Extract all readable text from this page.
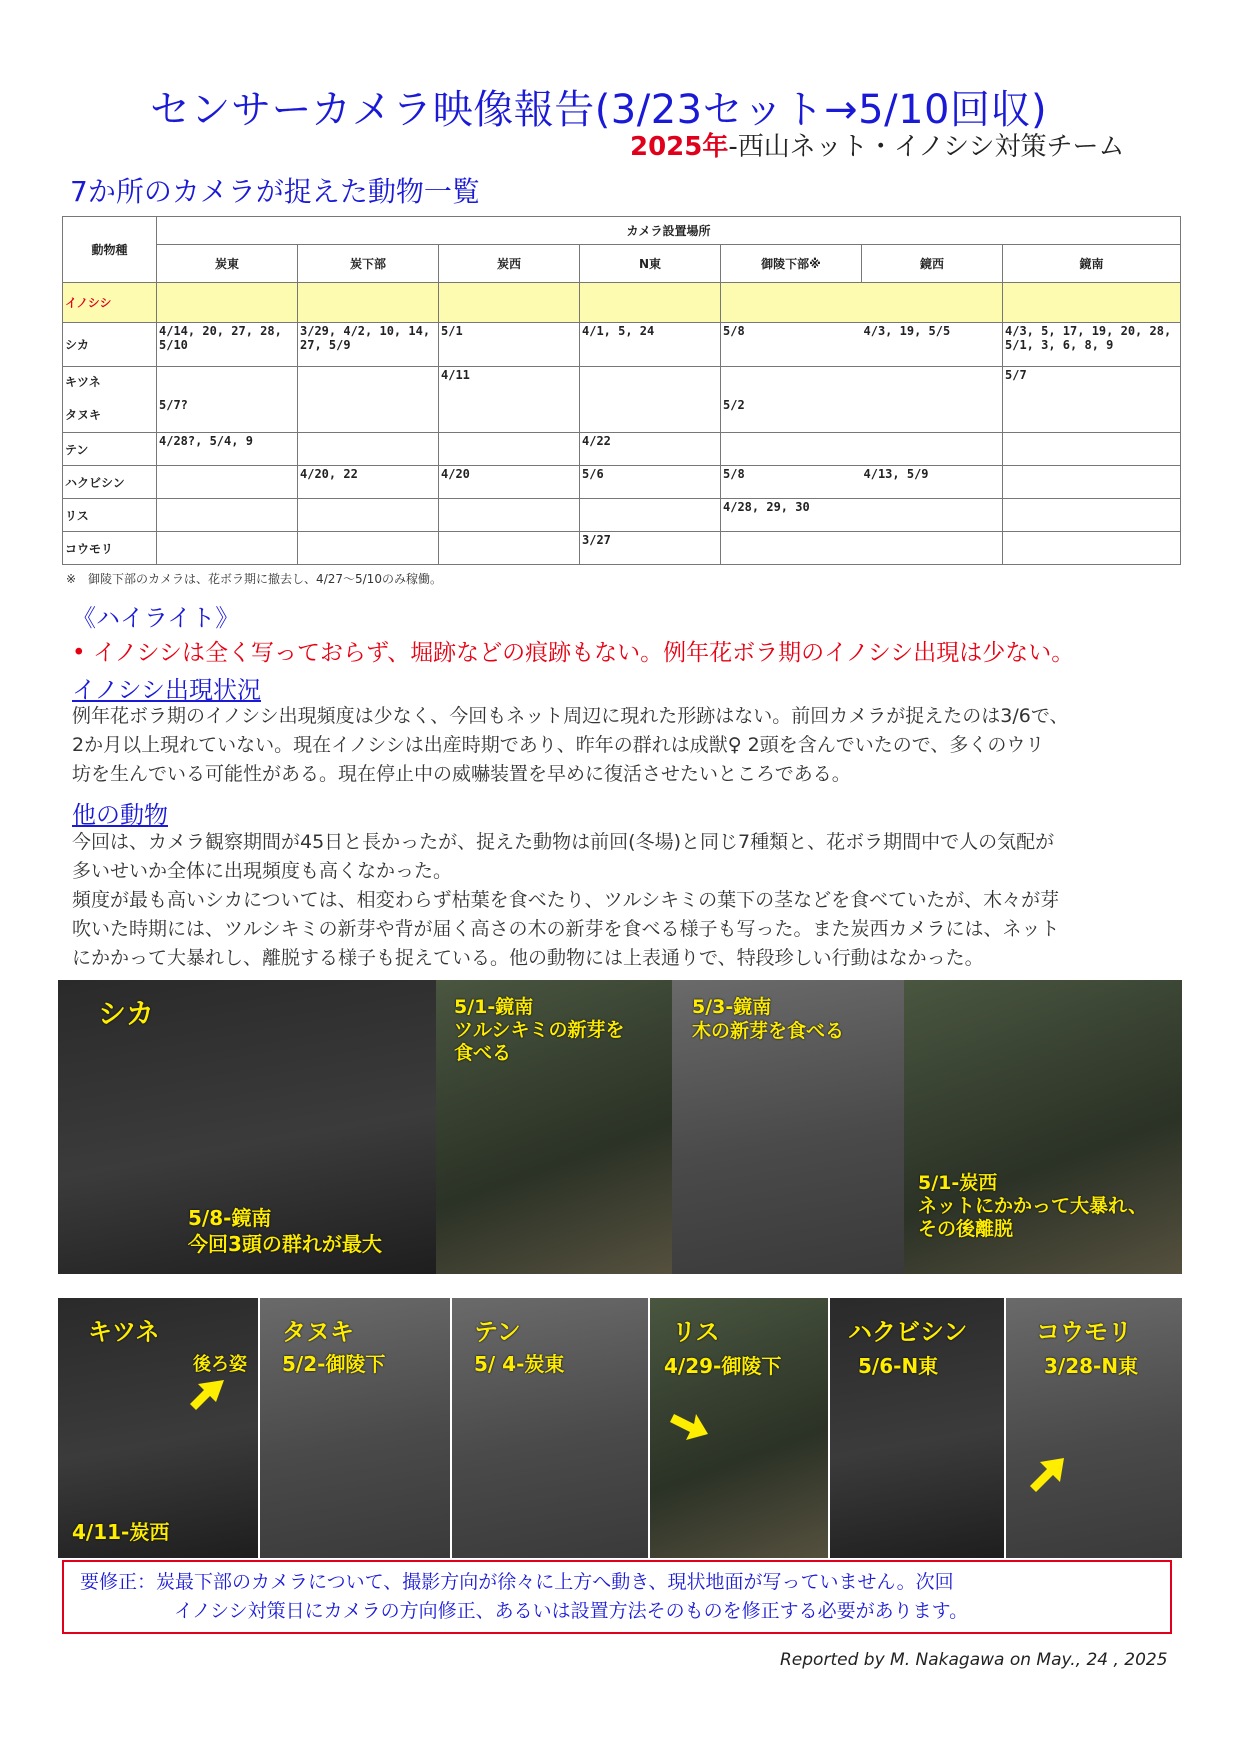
センサーカメラ映像報告(3/23セット→5/10回収)
2025年-西山ネット・イノシシ対策チーム
7か所のカメラが捉えた動物一覧
動物種	カメラ設置場所						
	炭東	炭下部	炭西	N東	御陵下部※	鏡西	鏡南
イノシシ							
シカ	4/14, 20, 27, 28, 5/10	3/29, 4/2, 10, 14, 27, 5/9	5/1	4/1, 5, 24	5/8	4/3, 19, 5/5	4/3, 5, 17, 19, 20, 28, 5/1, 3, 6, 8, 9
キツネ			4/11				5/7
タヌキ	5/7?				5/2		
テン	4/28?, 5/4, 9			4/22			
ハクビシン		4/20, 22	4/20	5/6	5/8	4/13, 5/9	
リス					4/28, 29, 30		
コウモリ				3/27			
※　御陵下部のカメラは、花ボラ期に撤去し、4/27～5/10のみ稼働。
《ハイライト》
• イノシシは全く写っておらず、堀跡などの痕跡もない。例年花ボラ期のイノシシ出現は少ない。
イノシシ出現状況
例年花ボラ期のイノシシ出現頻度は少なく、今回もネット周辺に現れた形跡はない。前回カメラが捉えたのは3/6で、
2か月以上現れていない。現在イノシシは出産時期であり、昨年の群れは成獣♀ 2頭を含んでいたので、多くのウリ
坊を生んでいる可能性がある。現在停止中の威嚇装置を早めに復活させたいところである。
他の動物
今回は、カメラ観察期間が45日と長かったが、捉えた動物は前回(冬場)と同じ7種類と、花ボラ期間中で人の気配が
多いせいか全体に出現頻度も高くなかった。
頻度が最も高いシカについては、相変わらず枯葉を食べたり、ツルシキミの葉下の茎などを食べていたが、木々が芽
吹いた時期には、ツルシキミの新芽や背が届く高さの木の新芽を食べる様子も写った。また炭西カメラには、ネット
にかかって大暴れし、離脱する様子も捉えている。他の動物には上表通りで、特段珍しい行動はなかった。
シカ
5/8-鏡南
今回3頭の群れが最大
5/1-鏡南
ツルシキミの新芽を
食べる
5/3-鏡南
木の新芽を食べる
5/1-炭西
ネットにかかって大暴れ、
その後離脱
キツネ
後ろ姿
4/11-炭西
タヌキ
5/2-御陵下
テン
5/ 4-炭東
リス
4/29-御陵下
ハクビシン
5/6-N東
コウモリ
3/28-N東
要修正：炭最下部のカメラについて、撮影方向が徐々に上方へ動き、現状地面が写っていません。次回
イノシシ対策日にカメラの方向修正、あるいは設置方法そのものを修正する必要があります。
Reported by M. Nakagawa on May., 24 , 2025
